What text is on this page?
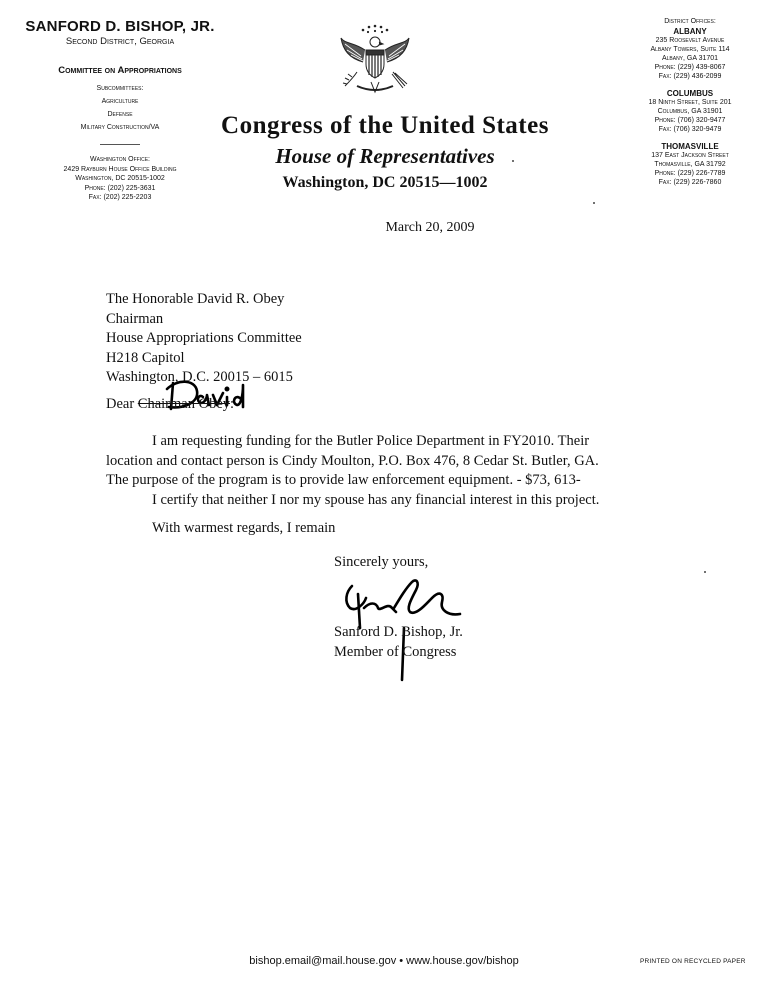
SANFORD D. BISHOP, JR.
Second District, Georgia
Committee on Appropriations
Subcommittees:
Agriculture
Defense
Military Construction/VA
Washington Office:
2429 Rayburn House Office Building
Washington, DC 20515-1002
Phone: (202) 225-3631
Fax: (202) 225-2203
District Offices:
ALBANY
235 Roosevelt Avenue
Albany Towers, Suite 114
Albany, GA 31701
Phone: (229) 439-8067
Fax: (229) 436-2099
COLUMBUS
18 Ninth Street, Suite 201
Columbus, GA 31901
Phone: (706) 320-9477
Fax: (706) 320-9479
THOMASVILLE
137 East Jackson Street
Thomasville, GA 31792
Phone: (229) 226-7789
Fax: (229) 226-7860
Congress of the United States
House of Representatives
Washington, DC 20515—1002
March 20, 2009
The Honorable David R. Obey
Chairman
House Appropriations Committee
H218 Capitol
Washington, D.C. 20015 – 6015
Dear Chairman Obey:
I am requesting funding for the Butler Police Department in FY2010. Their
location and contact person is Cindy Moulton, P.O. Box 476, 8 Cedar St. Butler, GA.
The purpose of the program is to provide law enforcement equipment. - $73, 613-
I certify that neither I nor my spouse has any financial interest in this project.
With warmest regards, I remain
Sincerely yours,
Sanford D. Bishop, Jr.
Member of Congress
bishop.email@mail.house.gov • www.house.gov/bishop	PRINTED ON RECYCLED PAPER
